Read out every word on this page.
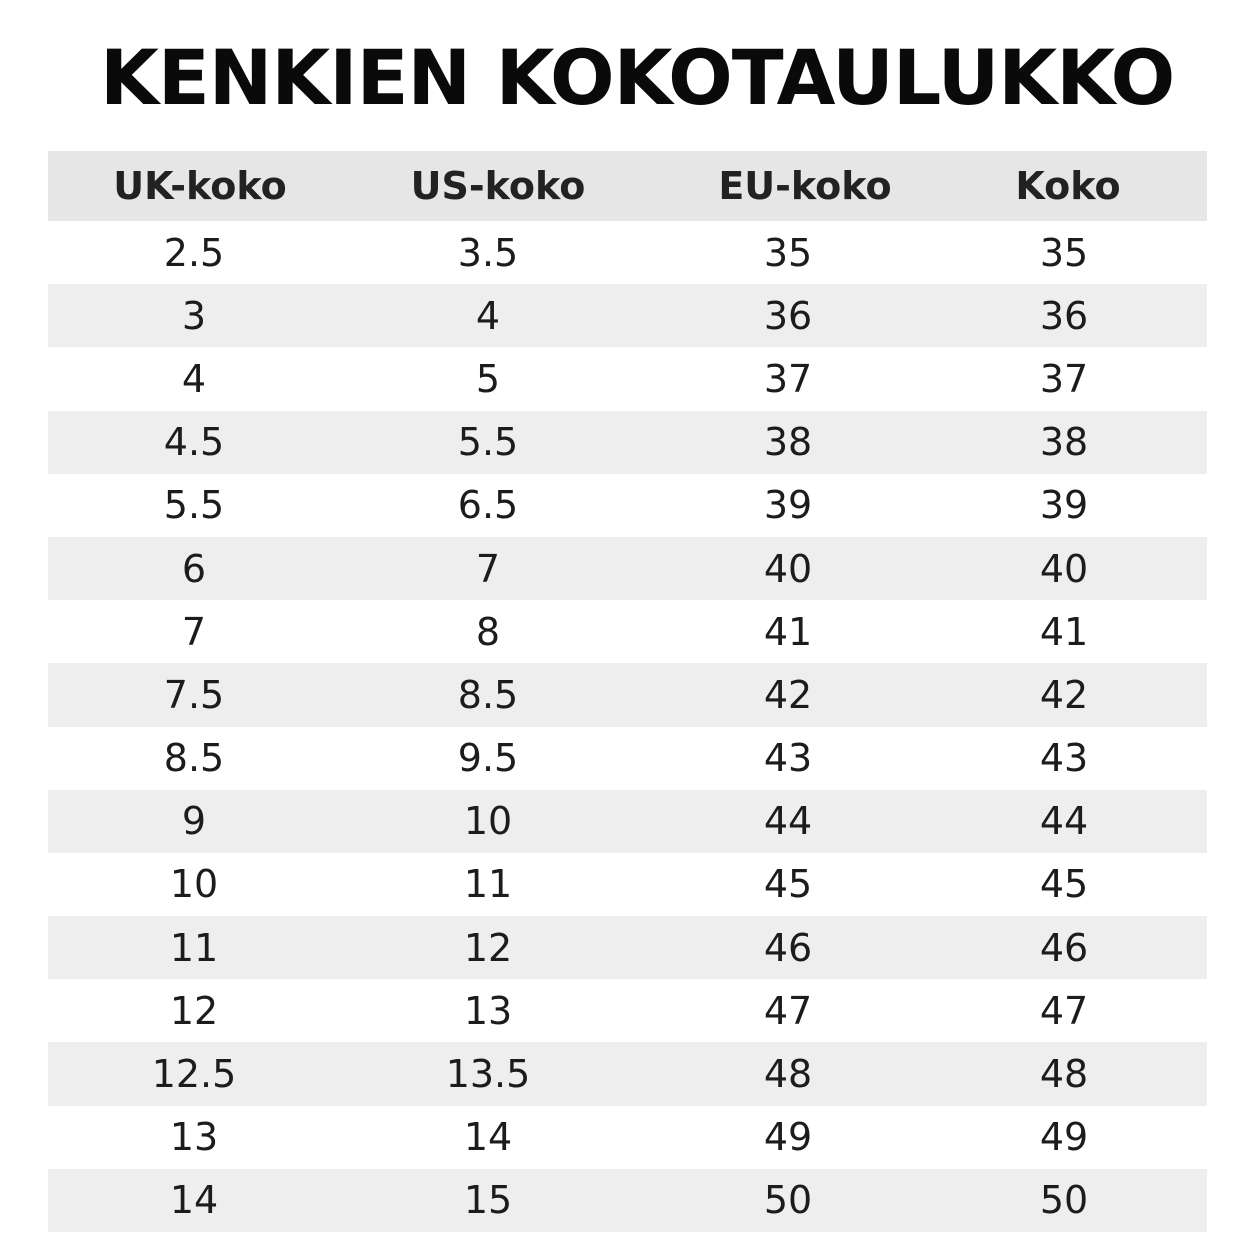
KENKIEN KOKOTAULUKKO
UK-koko	US-koko	EU-koko	Koko
2.5	3.5	35	35
3	4	36	36
4	5	37	37
4.5	5.5	38	38
5.5	6.5	39	39
6	7	40	40
7	8	41	41
7.5	8.5	42	42
8.5	9.5	43	43
9	10	44	44
10	11	45	45
11	12	46	46
12	13	47	47
12.5	13.5	48	48
13	14	49	49
14	15	50	50
